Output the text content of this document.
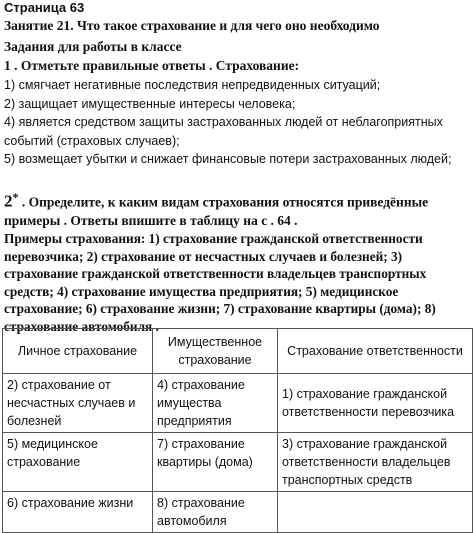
Страница 63
Занятие 21. Что такое страхование и для чего оно необходимо
Задания для работы в классе
1 . Отметьте правильные ответы . Страхование:

1) смягчает негативные последствия непредвиденных ситуаций;

2) защищает имущественные интересы человека;

4) является средством защиты застрахованных людей от неблагоприятных событий (страховых случаев);

5) возмещает убытки и снижает финансовые потери застрахованных людей;

2* . Определите, к каким видам страхования относятся приведённые примеры . Ответы впишите в таблицу на с . 64 .
Примеры страхования: 1) страхование гражданской ответственности перевозчика; 2) страхование от несчастных случаев и болезней; 3) страхование гражданской ответственности владельцев транспортных средств; 4) страхование имущества предприятия; 5) медицинское страхование; 6) страхование жизни; 7) страхование квартиры (дома); 8) страхование автомобиля .
Личное страхование	Имущественное страхование	Страхование ответственности
2) страхование от несчастных случаев и болезней	4) страхование имущества предприятия	1) страхование гражданской ответственности перевозчика
5) медицинское страхование	7) страхование квартиры (дома)	3) страхование гражданской ответственности владельцев транспортных средств
6) страхование жизни	8) страхование автомобиля	
